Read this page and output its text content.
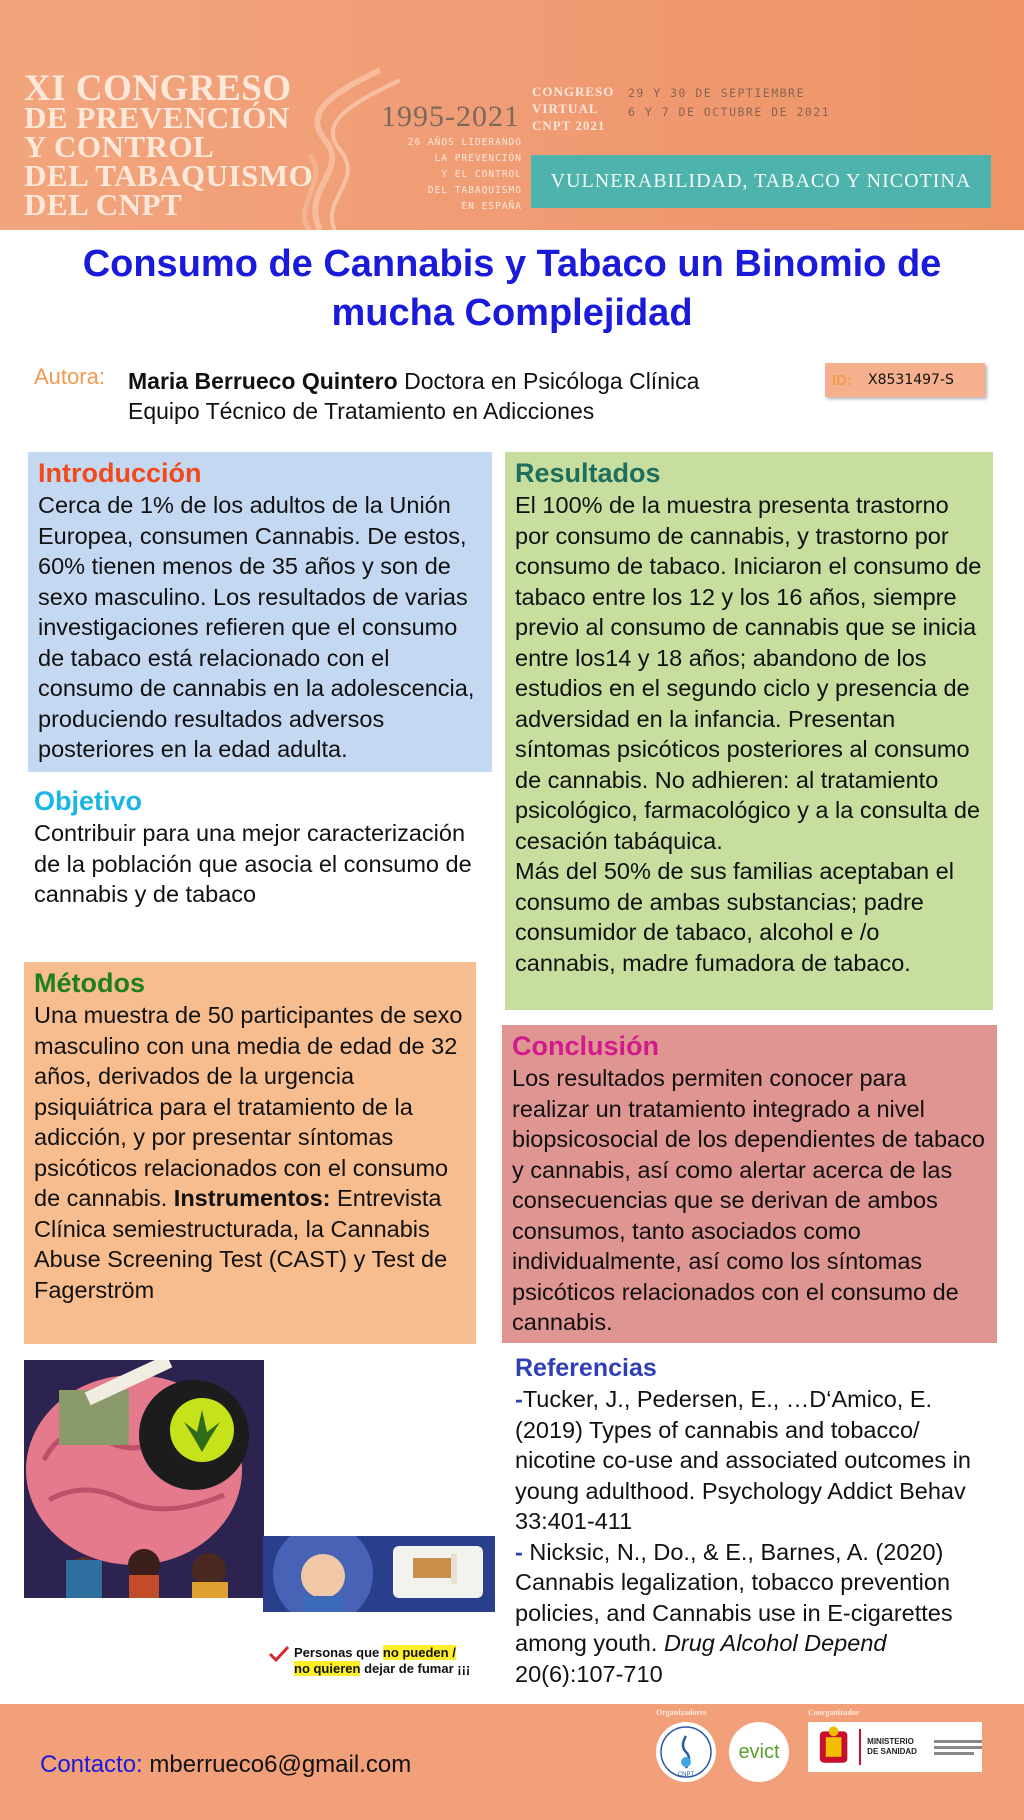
XI CONGRESO
DE PREVENCIÓN
Y CONTROL
DEL TABAQUISMO
DEL CNPT
1995-2021
26 AÑOS LIDERANDO
LA PREVENCIÓN
Y EL CONTROL
DEL TABAQUISMO
EN ESPAÑA
CONGRESO
VIRTUAL
CNPT 2021
29 Y 30 DE SEPTIEMBRE
6 Y 7 DE OCTUBRE DE 2021
VULNERABILIDAD, TABACO Y NICOTINA
Consumo de Cannabis y Tabaco un Binomio de mucha Complejidad
Autora: Maria Berrueco Quintero Doctora en Psicóloga Clínica
Equipo Técnico de Tratamiento en Adicciones
ID: X8531497-S
Introducción

Cerca de 1% de los adultos de la Unión Europea, consumen Cannabis. De estos, 60% tienen menos de 35 años y son de sexo masculino. Los resultados de varias investigaciones refieren que el consumo de tabaco está relacionado con el consumo de cannabis en la adolescencia, produciendo resultados adversos posteriores en la edad adulta.

Objetivo

Contribuir para una mejor caracterización de la población que asocia el consumo de cannabis y de tabaco

Métodos

Una muestra de 50 participantes de sexo masculino con una media de edad de 32 años, derivados de la urgencia psiquiátrica para el tratamiento de la adicción, y por presentar síntomas psicóticos relacionados con el consumo de cannabis. Instrumentos: Entrevista Clínica semiestructurada, la Cannabis Abuse Screening Test (CAST) y Test de Fagerström

Resultados

El 100% de la muestra presenta trastorno por consumo de cannabis, y trastorno por consumo de tabaco. Iniciaron el consumo de tabaco entre los 12 y los 16 años, siempre previo al consumo de cannabis que se inicia entre los14 y 18 años; abandono de los estudios en el segundo ciclo y presencia de adversidad en la infancia. Presentan síntomas psicóticos posteriores al consumo de cannabis. No adhieren: al tratamiento psicológico, farmacológico y a la consulta de cesación tabáquica.

Más del 50% de sus familias aceptaban el consumo de ambas substancias; padre consumidor de tabaco, alcohol e /o cannabis, madre fumadora de tabaco.

Conclusión

Los resultados permiten conocer para realizar un tratamiento integrado a nivel biopsicosocial de los dependientes de tabaco y cannabis, así como alertar acerca de las consecuencias que se derivan de ambos consumos, tanto asociados como individualmente, así como los síntomas psicóticos relacionados con el consumo de cannabis.

Referencias

-Tucker, J., Pedersen, E., …D‘Amico, E. (2019) Types of cannabis and tobacco/ nicotine co-use and associated outcomes in young adulthood. Psychology Addict Behav 33:401-411

- Nicksic, N., Do., & E., Barnes, A. (2020) Cannabis legalization, tobacco prevention policies, and Cannabis use in E-cigarettes among youth. Drug Alcohol Depend 20(6):107-710

Personas que no pueden /
no quieren dejar de fumar ¡¡¡
Contacto: mberrueco6@gmail.com
Organizadores	Coorganizador
CNPT
evict	MINISTERIO DE SANIDAD
